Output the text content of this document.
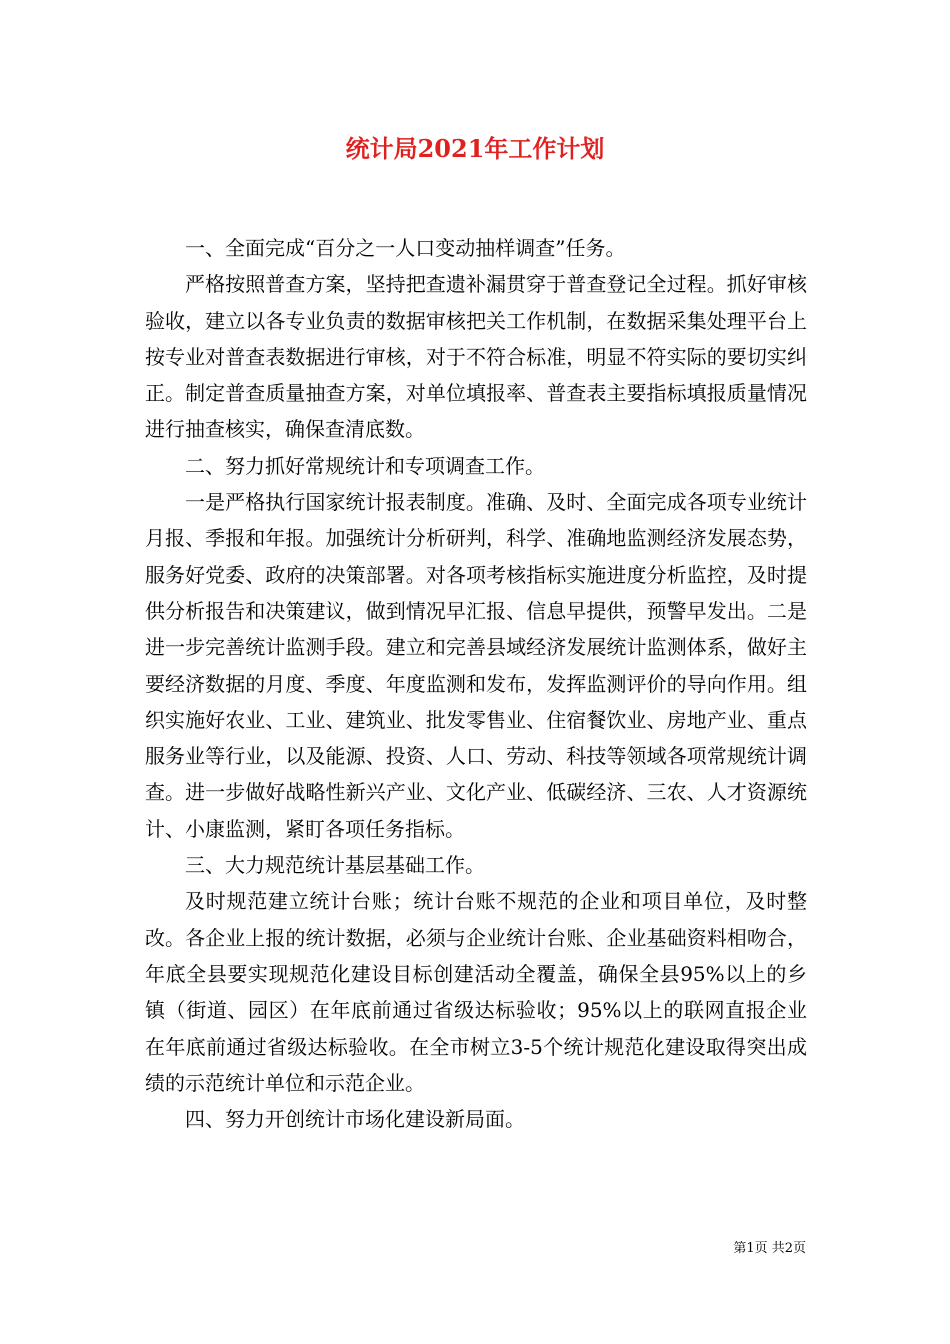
统计局2021年工作计划

一、全面完成“百分之一人口变动抽样调查”任务。

严格按照普查方案，坚持把查遗补漏贯穿于普查登记全过程。抓好审核验收，建立以各专业负责的数据审核把关工作机制，在数据采集处理平台上按专业对普查表数据进行审核，对于不符合标准，明显不符实际的要切实纠正。制定普查质量抽查方案，对单位填报率、普查表主要指标填报质量情况进行抽查核实，确保查清底数。

二、努力抓好常规统计和专项调查工作。

一是严格执行国家统计报表制度。准确、及时、全面完成各项专业统计月报、季报和年报。加强统计分析研判，科学、准确地监测经济发展态势，服务好党委、政府的决策部署。对各项考核指标实施进度分析监控，及时提供分析报告和决策建议，做到情况早汇报、信息早提供，预警早发出。二是进一步完善统计监测手段。建立和完善县域经济发展统计监测体系，做好主要经济数据的月度、季度、年度监测和发布，发挥监测评价的导向作用。组织实施好农业、工业、建筑业、批发零售业、住宿餐饮业、房地产业、重点服务业等行业，以及能源、投资、人口、劳动、科技等领域各项常规统计调查。进一步做好战略性新兴产业、文化产业、低碳经济、三农、人才资源统计、小康监测，紧盯各项任务指标。

三、大力规范统计基层基础工作。

及时规范建立统计台账；统计台账不规范的企业和项目单位，及时整改。各企业上报的统计数据，必须与企业统计台账、企业基础资料相吻合，年底全县要实现规范化建设目标创建活动全覆盖，确保全县95%以上的乡镇（街道、园区）在年底前通过省级达标验收；95%以上的联网直报企业在年底前通过省级达标验收。在全市树立3-5个统计规范化建设取得突出成绩的示范统计单位和示范企业。

四、努力开创统计市场化建设新局面。

第1页 共2页
